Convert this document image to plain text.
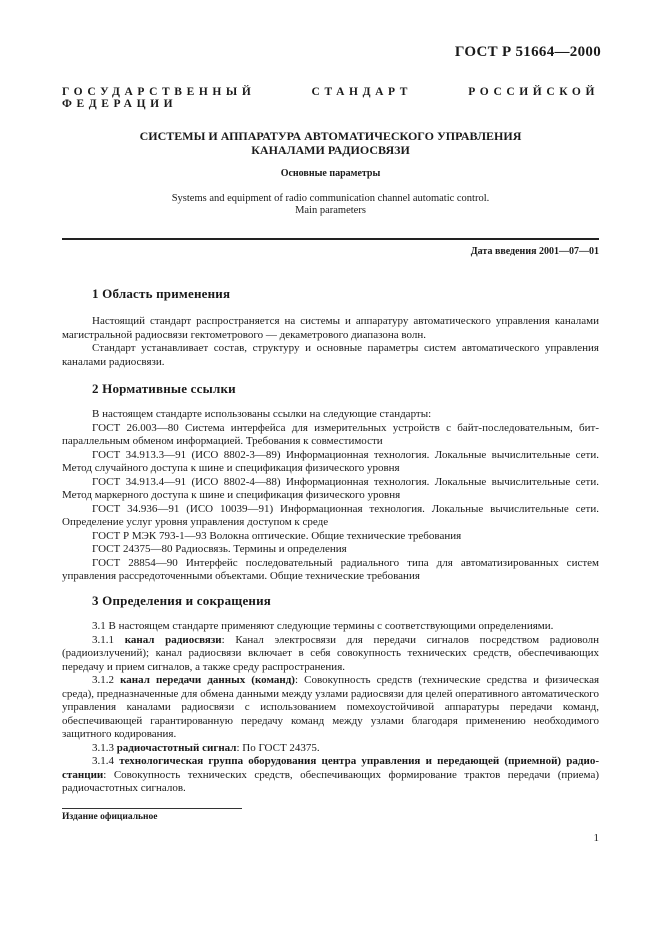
ГОСТ Р 51664—2000
ГОСУДАРСТВЕННЫЙ СТАНДАРТ РОССИЙСКОЙ ФЕДЕРАЦИИ
СИСТЕМЫ И АППАРАТУРА АВТОМАТИЧЕСКОГО УПРАВЛЕНИЯ
КАНАЛАМИ РАДИОСВЯЗИ
Основные параметры
Systems and equipment of radio communication channel automatic control.
Main parameters
Дата введения 2001—07—01
1 Область применения

Настоящий стандарт распространяется на системы и аппаратуру автоматического управления каналами магистральной радиосвязи гектометрового — декаметрового диапазона волн.

Стандарт устанавливает состав, структуру и основные параметры систем автоматического управления каналами радиосвязи.

2 Нормативные ссылки

В настоящем стандарте использованы ссылки на следующие стандарты:

ГОСТ 26.003—80 Система интерфейса для измерительных устройств с байт-последовательным, бит-параллельным обменом информацией. Требования к совместимости

ГОСТ 34.913.3—91 (ИСО 8802-3—89) Информационная технология. Локальные вычислительные сети. Метод случайного доступа к шине и спецификация физического уровня

ГОСТ 34.913.4—91 (ИСО 8802-4—88) Информационная технология. Локальные вычислительные сети. Метод маркерного доступа к шине и спецификация физического уровня

ГОСТ 34.936—91 (ИСО 10039—91) Информационная технология. Локальные вычислительные сети. Определение услуг уровня управления доступом к среде

ГОСТ Р МЭК 793-1—93 Волокна оптические. Общие технические требования

ГОСТ 24375—80 Радиосвязь. Термины и определения

ГОСТ 28854—90 Интерфейс последовательный радиального типа для автоматизированных систем управления рассредоточенными объектами. Общие технические требования

3 Определения и сокращения

3.1 В настоящем стандарте применяют следующие термины с соответствующими определениями.

3.1.1 канал радиосвязи: Канал электросвязи для передачи сигналов посредством радиоволн (радиоизлучений); канал радиосвязи включает в себя совокупность технических средств, обеспечивающих передачу и прием сигналов, а также среду распространения.

3.1.2 канал передачи данных (команд): Совокупность средств (технические средства и физическая среда), предназначенные для обмена данными между узлами радиосвязи для целей оперативного автоматического управления каналами радиосвязи с использованием помехоустойчивой аппаратуры передачи команд, обеспечивающей гарантированную передачу команд между узлами благодаря применению необходимого защитного кодирования.

3.1.3 радиочастотный сигнал: По ГОСТ 24375.

3.1.4 технологическая группа оборудования центра управления и передающей (приемной) радиостанции: Совокупность технических средств, обеспечивающих формирование трактов передачи (приема) радиочастотных сигналов.

Издание официальное
1
